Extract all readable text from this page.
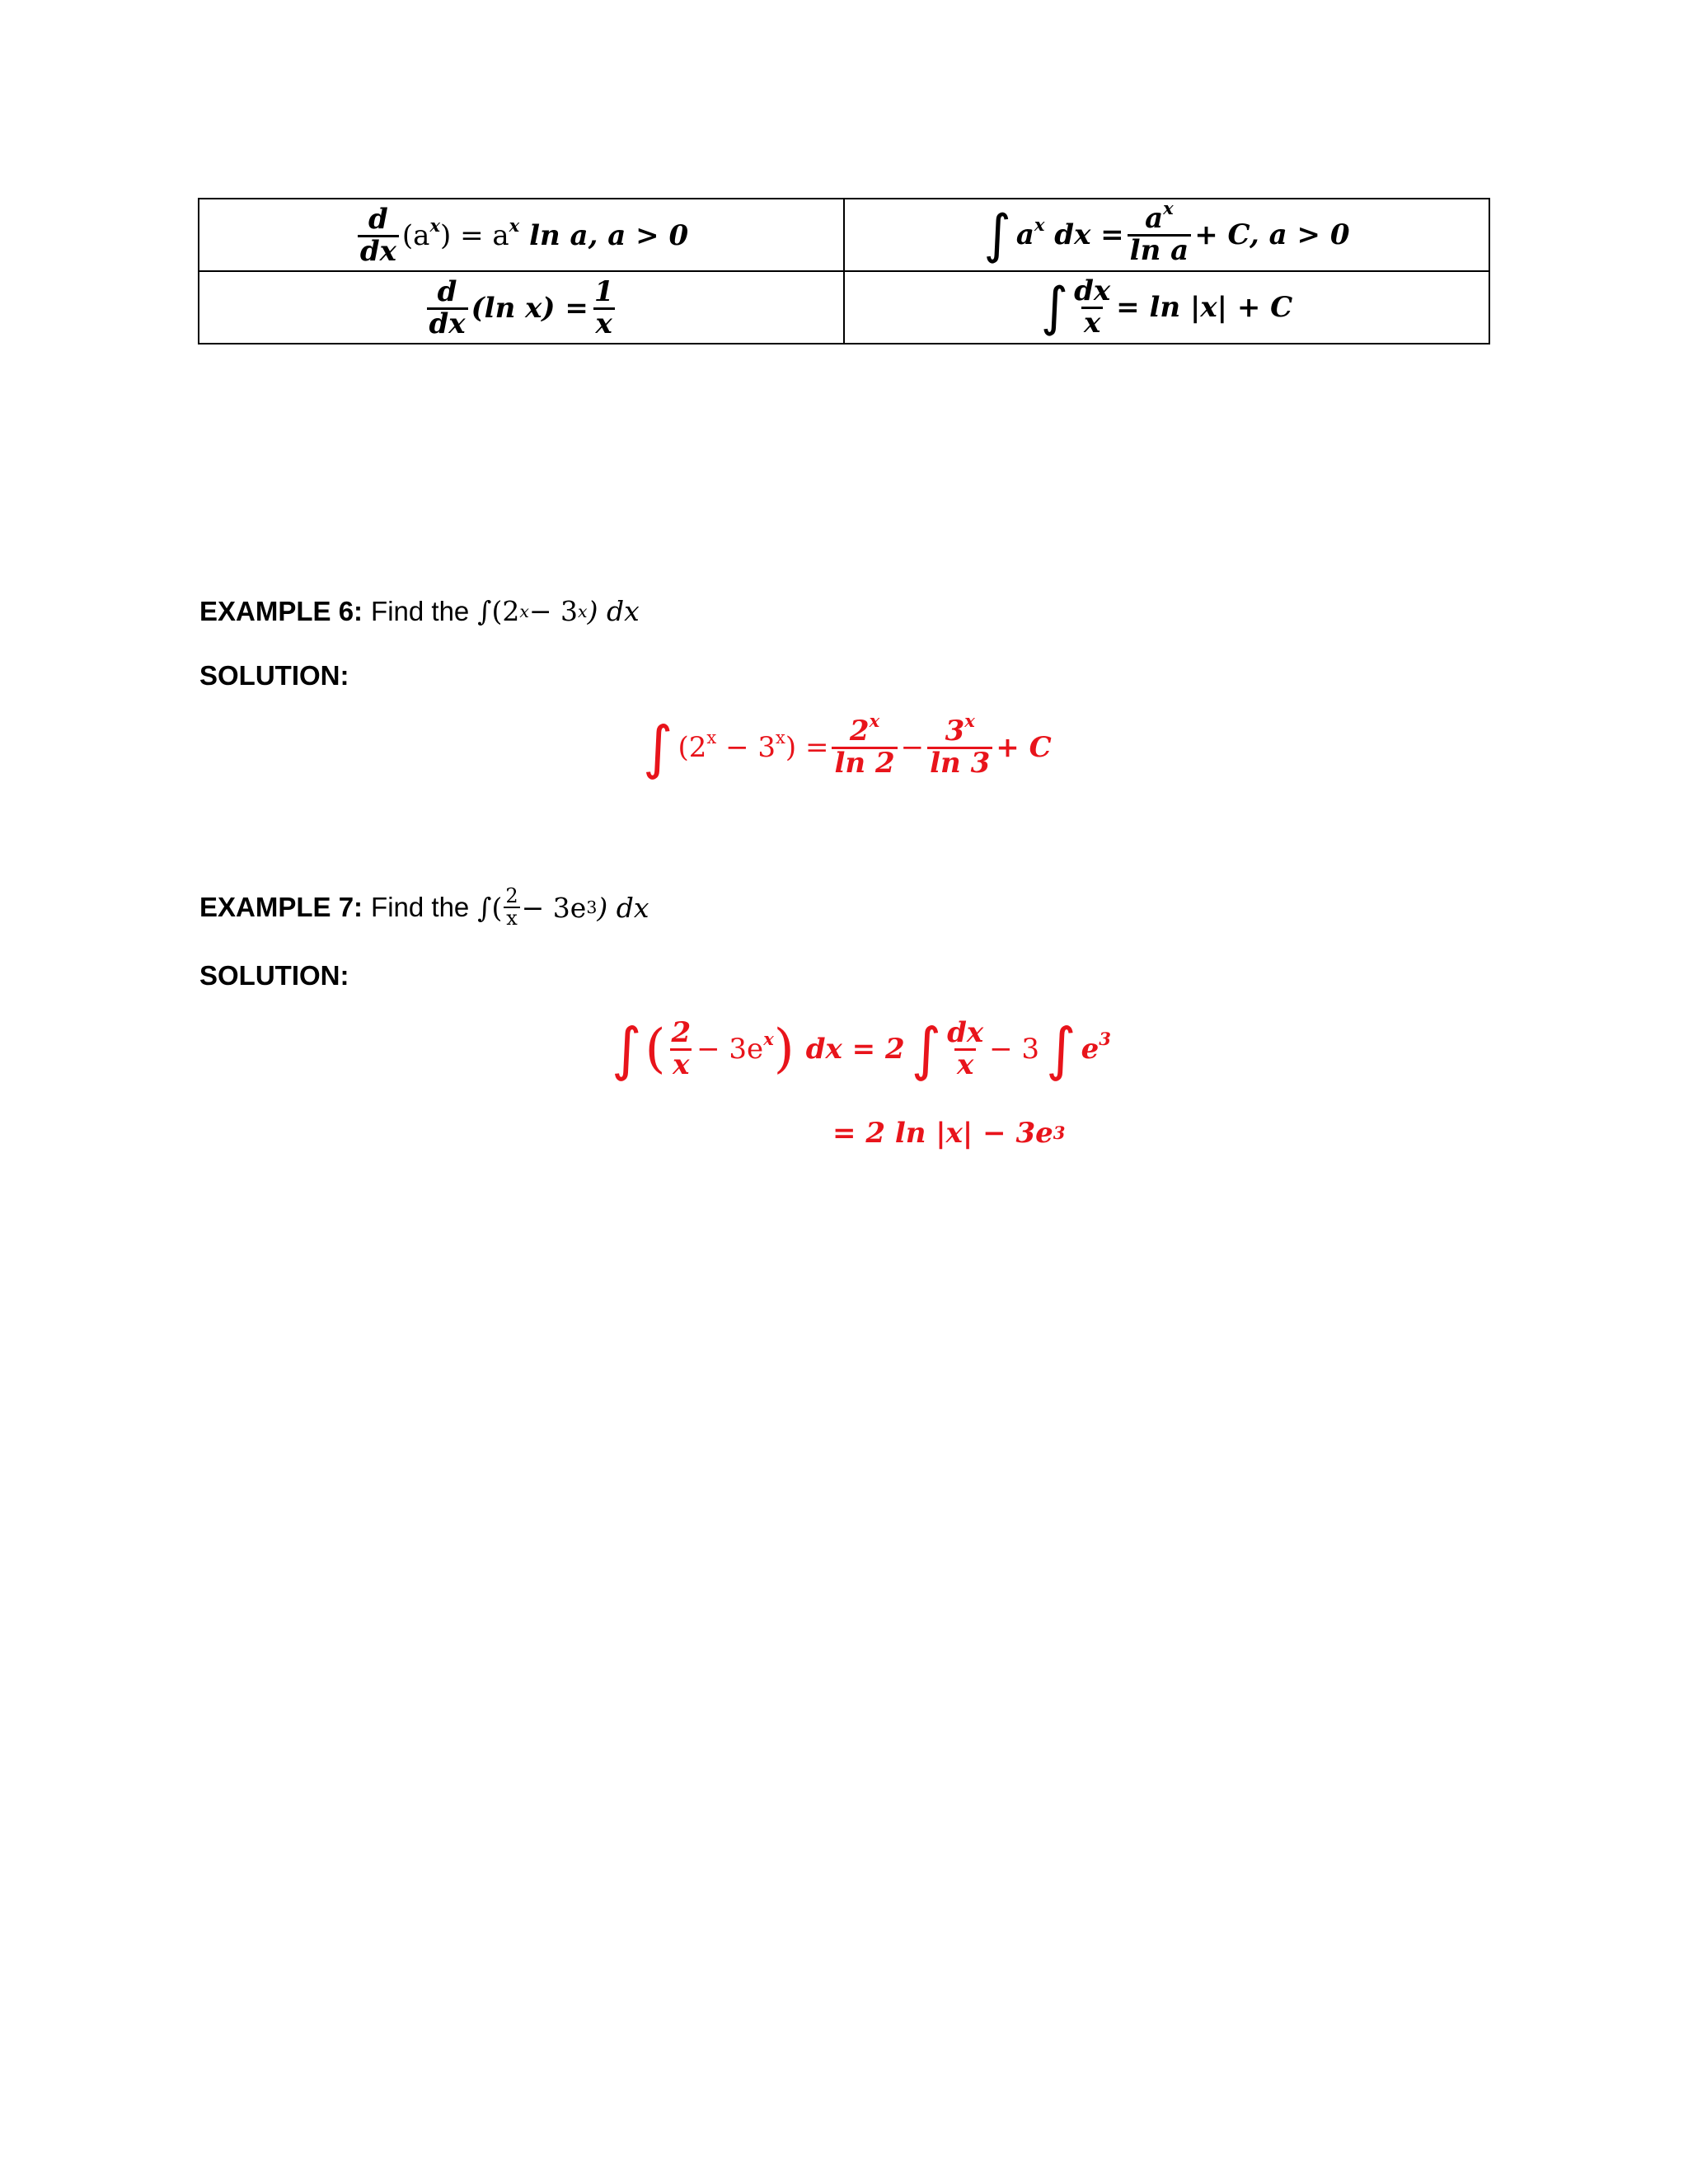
$\frac{d}{dx} (a^x) = a^x$ ln a, a > 0	∫ $a^x$ dx = $\frac{a^x}{\text{ln a}} + C$, a > 0

$\frac{d}{dx} (\ln$ $x) = \frac{1}{x}$	∫ $\frac{dx}{x} = \ln |x| + C$
EXAMPLE 6: Find the ∫ (2 x − 3 x ) dx
SOLUTION:
∫ $(2^x - 3^x) = \frac{2^x}{\ln 2} - \frac{3^x}{\ln 3} + C$
EXAMPLE 7: Find the ∫ ( $\frac{2}{x} - 3e$ 3 ) dx
SOLUTION:
∫ ( $\frac{2}{x} - 3e^x$ ) dx = 2 ∫ $\frac{dx}{x} - 3$ ∫ $e^3$
= 2 ln |x| − 3e 3
